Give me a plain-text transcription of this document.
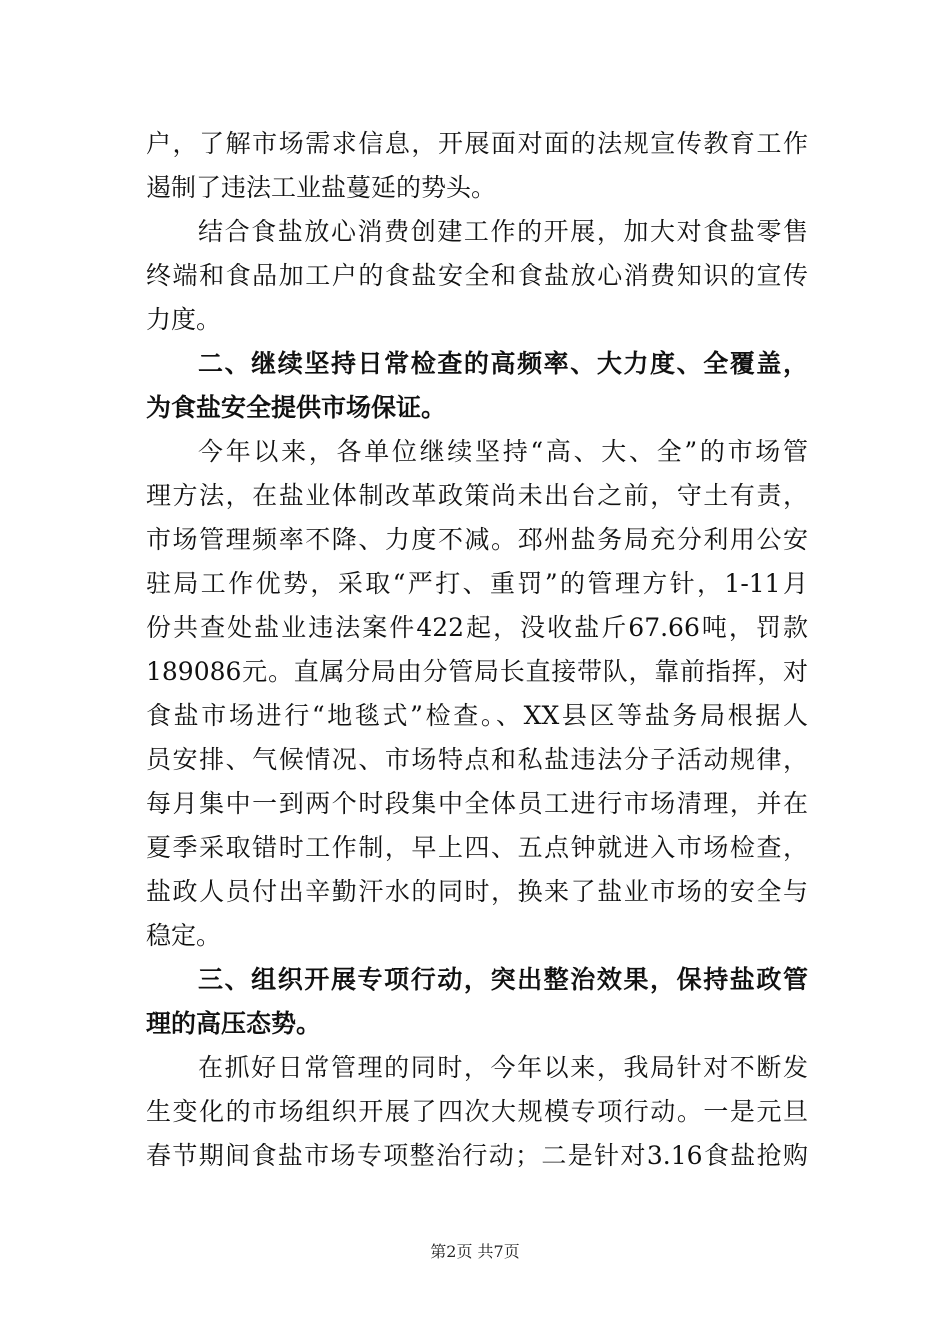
户，了解市场需求信息，开展面对面的法规宣传教育工作
遏制了违法工业盐蔓延的势头。
结合食盐放心消费创建工作的开展，加大对食盐零售
终端和食品加工户的食盐安全和食盐放心消费知识的宣传
力度。
二、继续坚持日常检查的高频率、大力度、全覆盖，
为食盐安全提供市场保证。
今年以来，各单位继续坚持“高、大、全”的市场管
理方法，在盐业体制改革政策尚未出台之前，守土有责，
市场管理频率不降、力度不减。邳州盐务局充分利用公安
驻局工作优势，采取“严打、重罚”的管理方针，1-11月
份共查处盐业违法案件422起，没收盐斤67.66吨，罚款
189086元。直属分局由分管局长直接带队，靠前指挥，对
食盐市场进行“地毯式”检查。、XX县区等盐务局根据人
员安排、气候情况、市场特点和私盐违法分子活动规律，
每月集中一到两个时段集中全体员工进行市场清理，并在
夏季采取错时工作制，早上四、五点钟就进入市场检查，
盐政人员付出辛勤汗水的同时，换来了盐业市场的安全与
稳定。
三、组织开展专项行动，突出整治效果，保持盐政管
理的高压态势。
在抓好日常管理的同时，今年以来，我局针对不断发
生变化的市场组织开展了四次大规模专项行动。一是元旦
春节期间食盐市场专项整治行动；二是针对3.16食盐抢购
第2页 共7页
